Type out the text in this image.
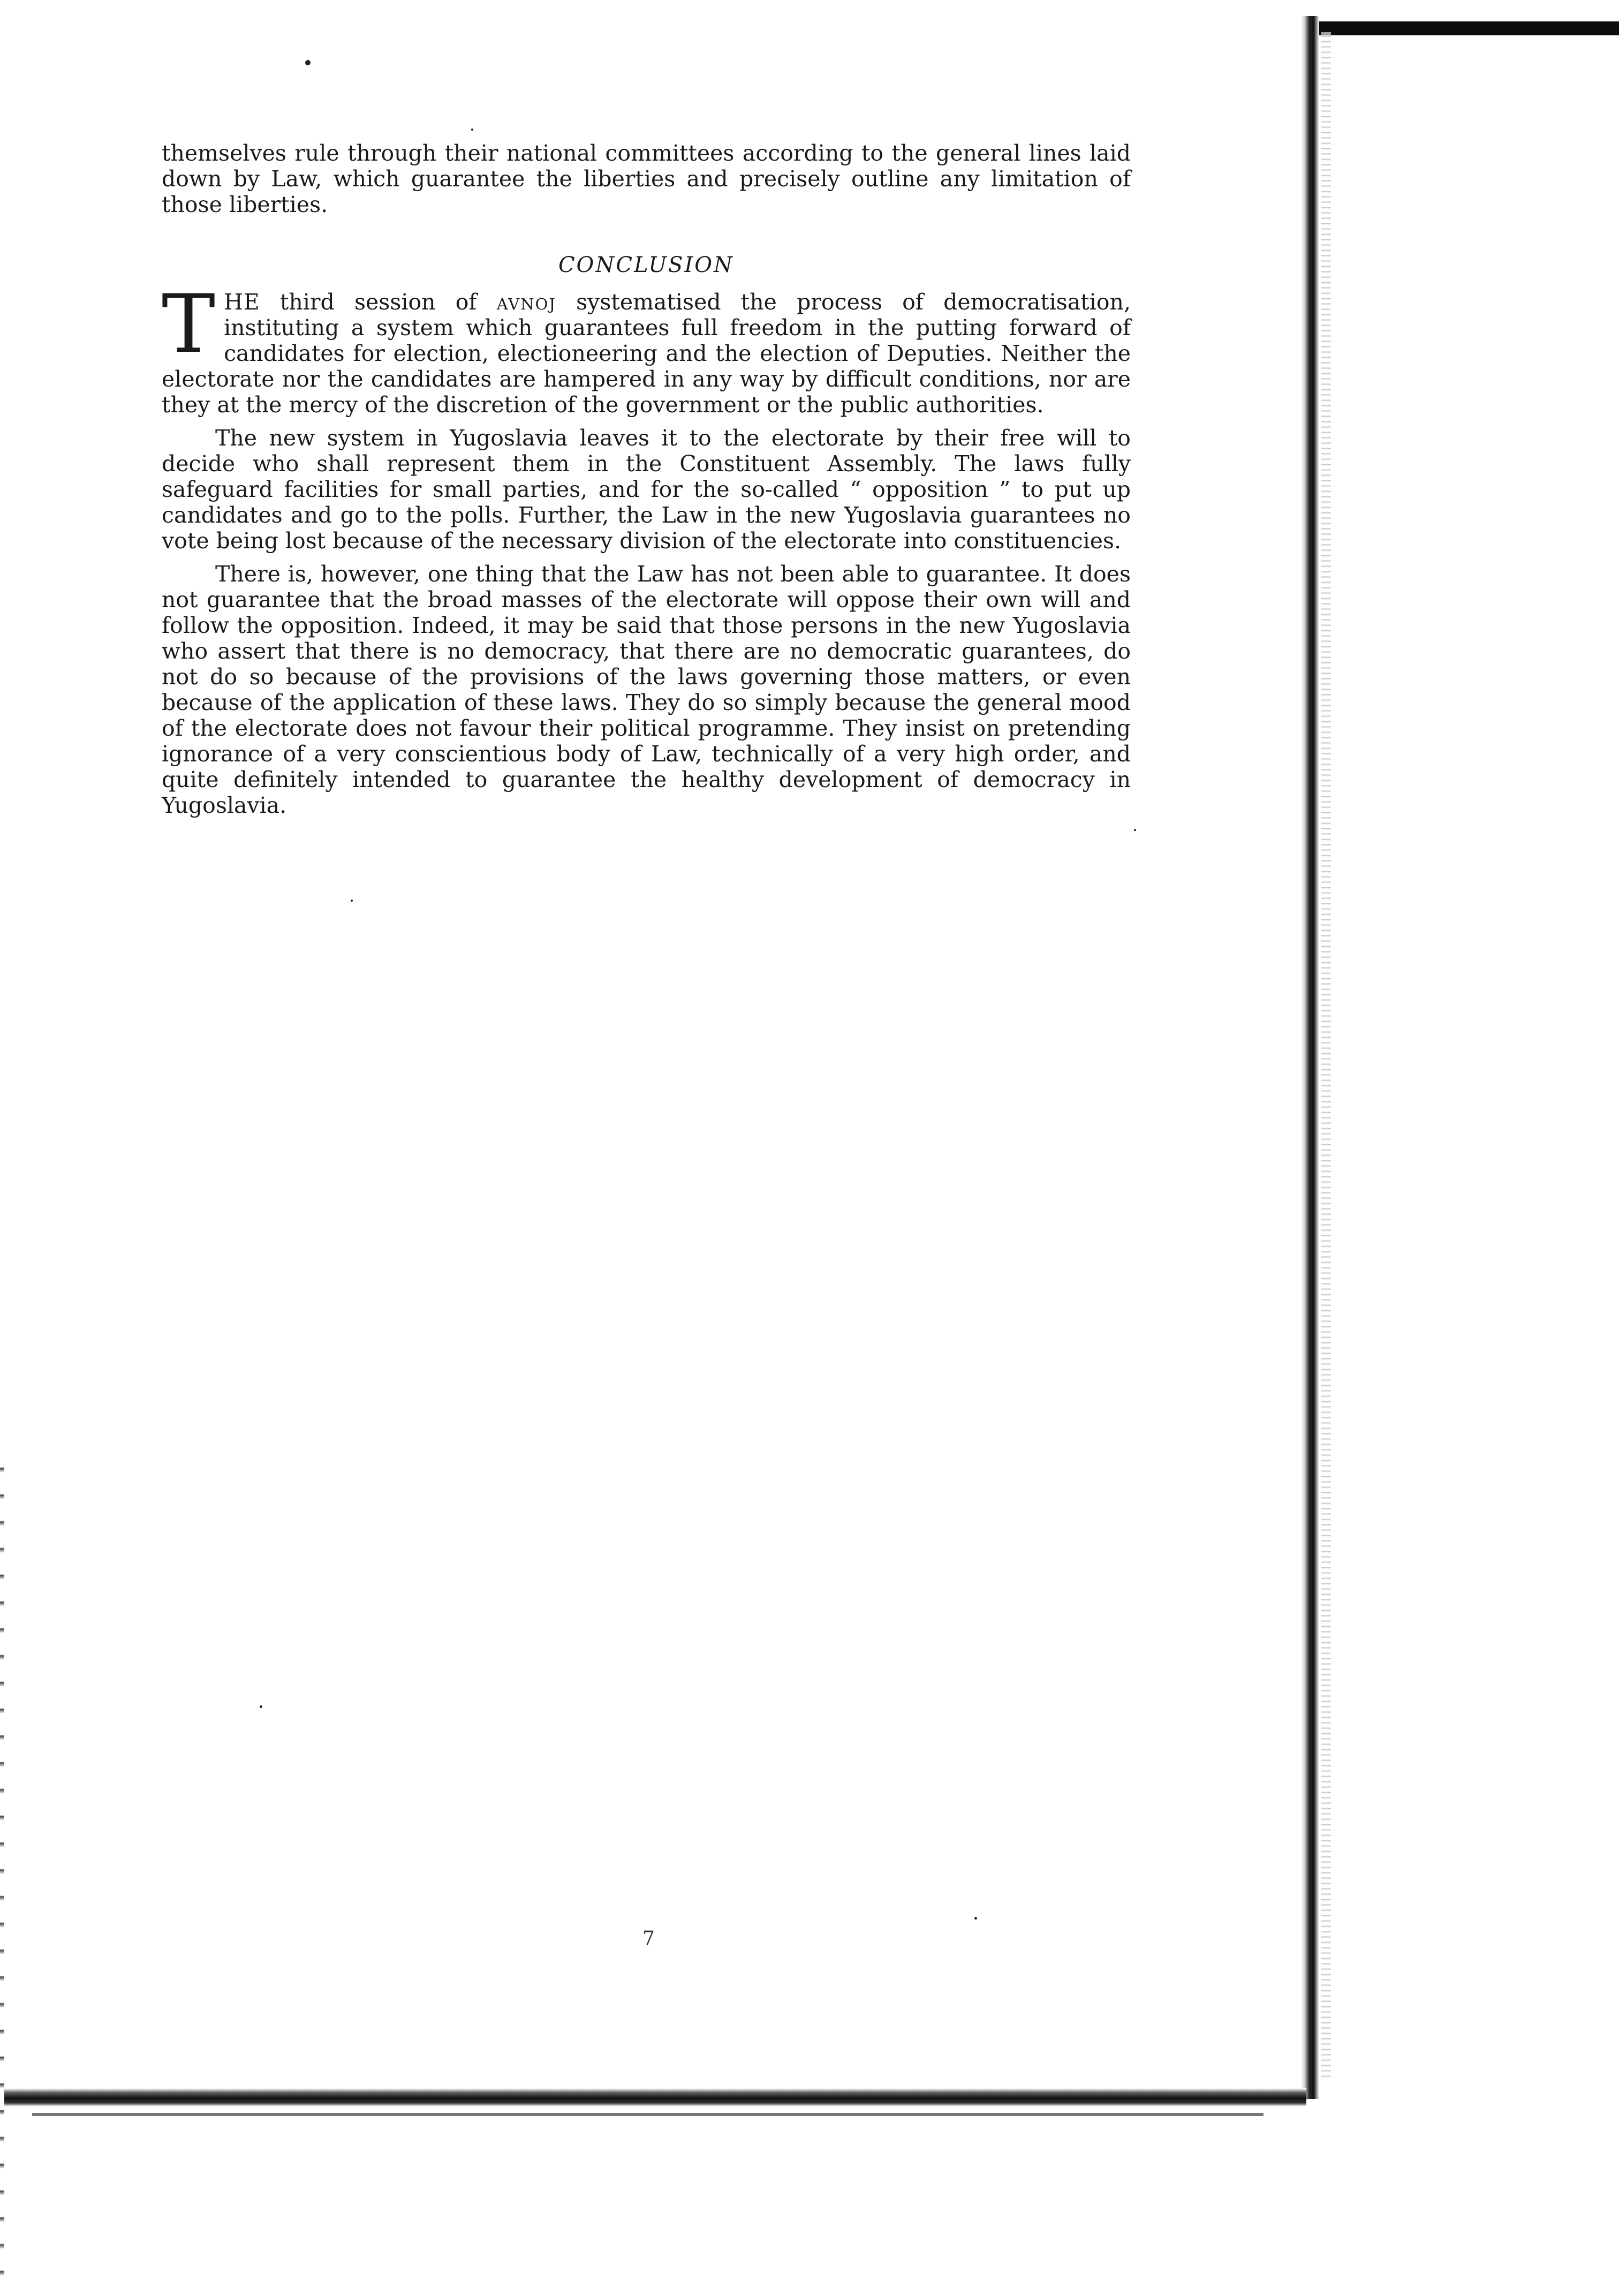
themselves rule through their national committees according to the general lines laid down by Law, which guarantee the liberties and precisely outline any limitation of those liberties.

CONCLUSION

T HE third session of avnoj systematised the process of democratisation, instituting a system which guarantees full freedom in the putting forward of candidates for election, electioneering and the election of Deputies. Neither the electorate nor the candidates are hampered in any way by difficult conditions, nor are they at the mercy of the discretion of the government or the public authorities.

The new system in Yugoslavia leaves it to the electorate by their free will to decide who shall represent them in the Constituent Assembly. The laws fully safeguard facilities for small parties, and for the so-called “ opposition ” to put up candidates and go to the polls. Further, the Law in the new Yugoslavia guarantees no vote being lost because of the necessary division of the electorate into constituencies.

There is, however, one thing that the Law has not been able to guarantee. It does not guarantee that the broad masses of the electorate will oppose their own will and follow the opposition. Indeed, it may be said that those persons in the new Yugoslavia who assert that there is no democracy, that there are no democratic guarantees, do not do so because of the provisions of the laws governing those matters, or even because of the application of these laws. They do so simply because the general mood of the electorate does not favour their political programme. They insist on pretending ignorance of a very conscientious body of Law, technically of a very high order, and quite definitely intended to guarantee the healthy development of democracy in Yugoslavia.

7
